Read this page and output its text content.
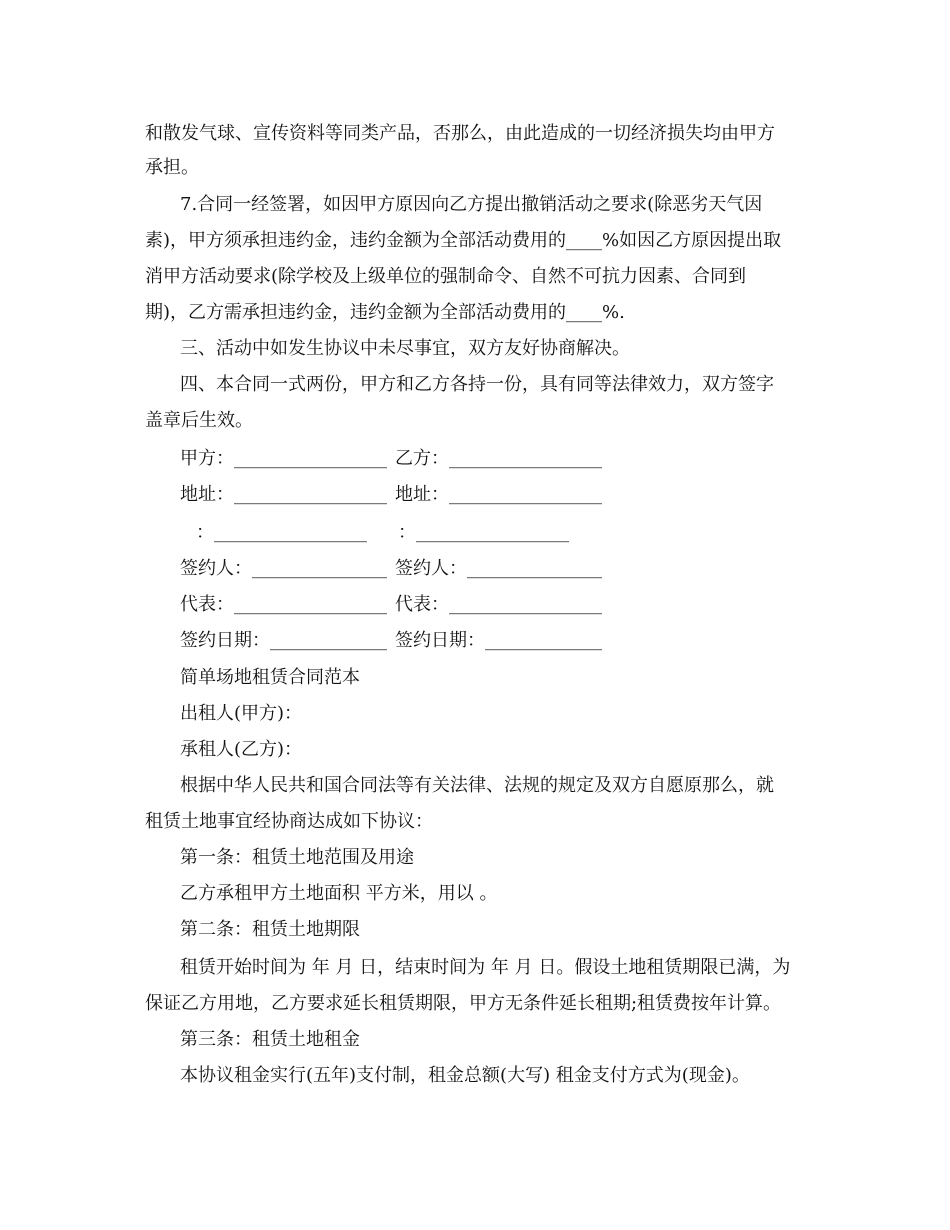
和散发气球、宣传资料等同类产品，否那么，由此造成的一切经济损失均由甲方
承担。
7.合同一经签署，如因甲方原因向乙方提出撤销活动之要求(除恶劣天气因
素)，甲方须承担违约金，违约金额为全部活动费用的____%如因乙方原因提出取
消甲方活动要求(除学校及上级单位的强制命令、自然不可抗力因素、合同到
期)，乙方需承担违约金，违约金额为全部活动费用的____%.
三、活动中如发生协议中未尽事宜，双方友好协商解决。
四、本合同一式两份，甲方和乙方各持一份，具有同等法律效力，双方签字
盖章后生效。
甲方：_________________ 乙方：_________________
地址：_________________ 地址：_________________
：_________________ ：_________________
签约人：_______________ 签约人：_______________
代表：_________________ 代表：_________________
签约日期：_____________ 签约日期：_____________
简单场地租赁合同范本
出租人(甲方)：
承租人(乙方)：
根据中华人民共和国合同法等有关法律、法规的规定及双方自愿原那么，就
租赁土地事宜经协商达成如下协议：
第一条：租赁土地范围及用途
乙方承租甲方土地面积 平方米，用以 。
第二条：租赁土地期限
租赁开始时间为 年 月 日，结束时间为 年 月 日。假设土地租赁期限已满，为
保证乙方用地，乙方要求延长租赁期限，甲方无条件延长租期;租赁费按年计算。
第三条：租赁土地租金
本协议租金实行(五年)支付制，租金总额(大写) 租金支付方式为(现金)。
